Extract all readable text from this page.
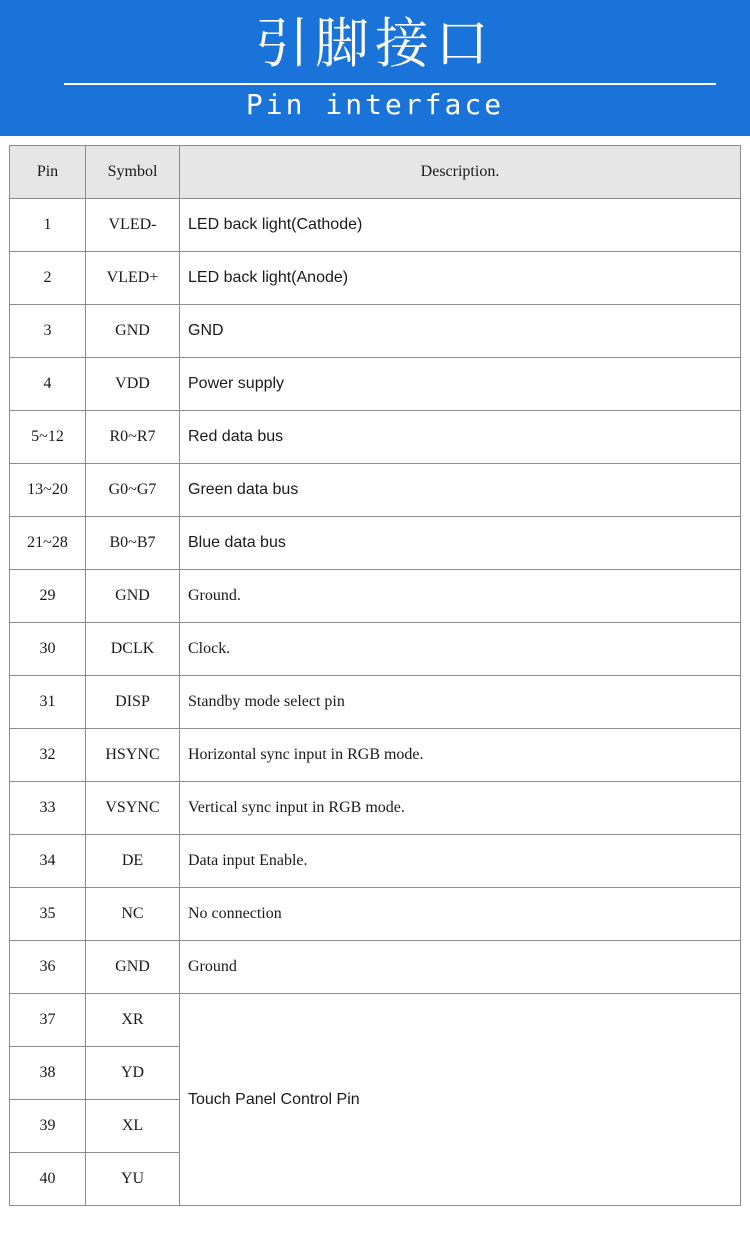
引脚接口
Pin interface
Pin	Symbol	Description.
1	VLED-	LED back light(Cathode)
2	VLED+	LED back light(Anode)
3	GND	GND
4	VDD	Power supply
5~12	R0~R7	Red data bus
13~20	G0~G7	Green data bus
21~28	B0~B7	Blue data bus
29	GND	Ground.
30	DCLK	Clock.
31	DISP	Standby mode select pin
32	HSYNC	Horizontal sync input in RGB mode.
33	VSYNC	Vertical sync input in RGB mode.
34	DE	Data input Enable.
35	NC	No connection
36	GND	Ground
37	XR	Touch Panel Control Pin
38	YD	
39	XL	
40	YU	
